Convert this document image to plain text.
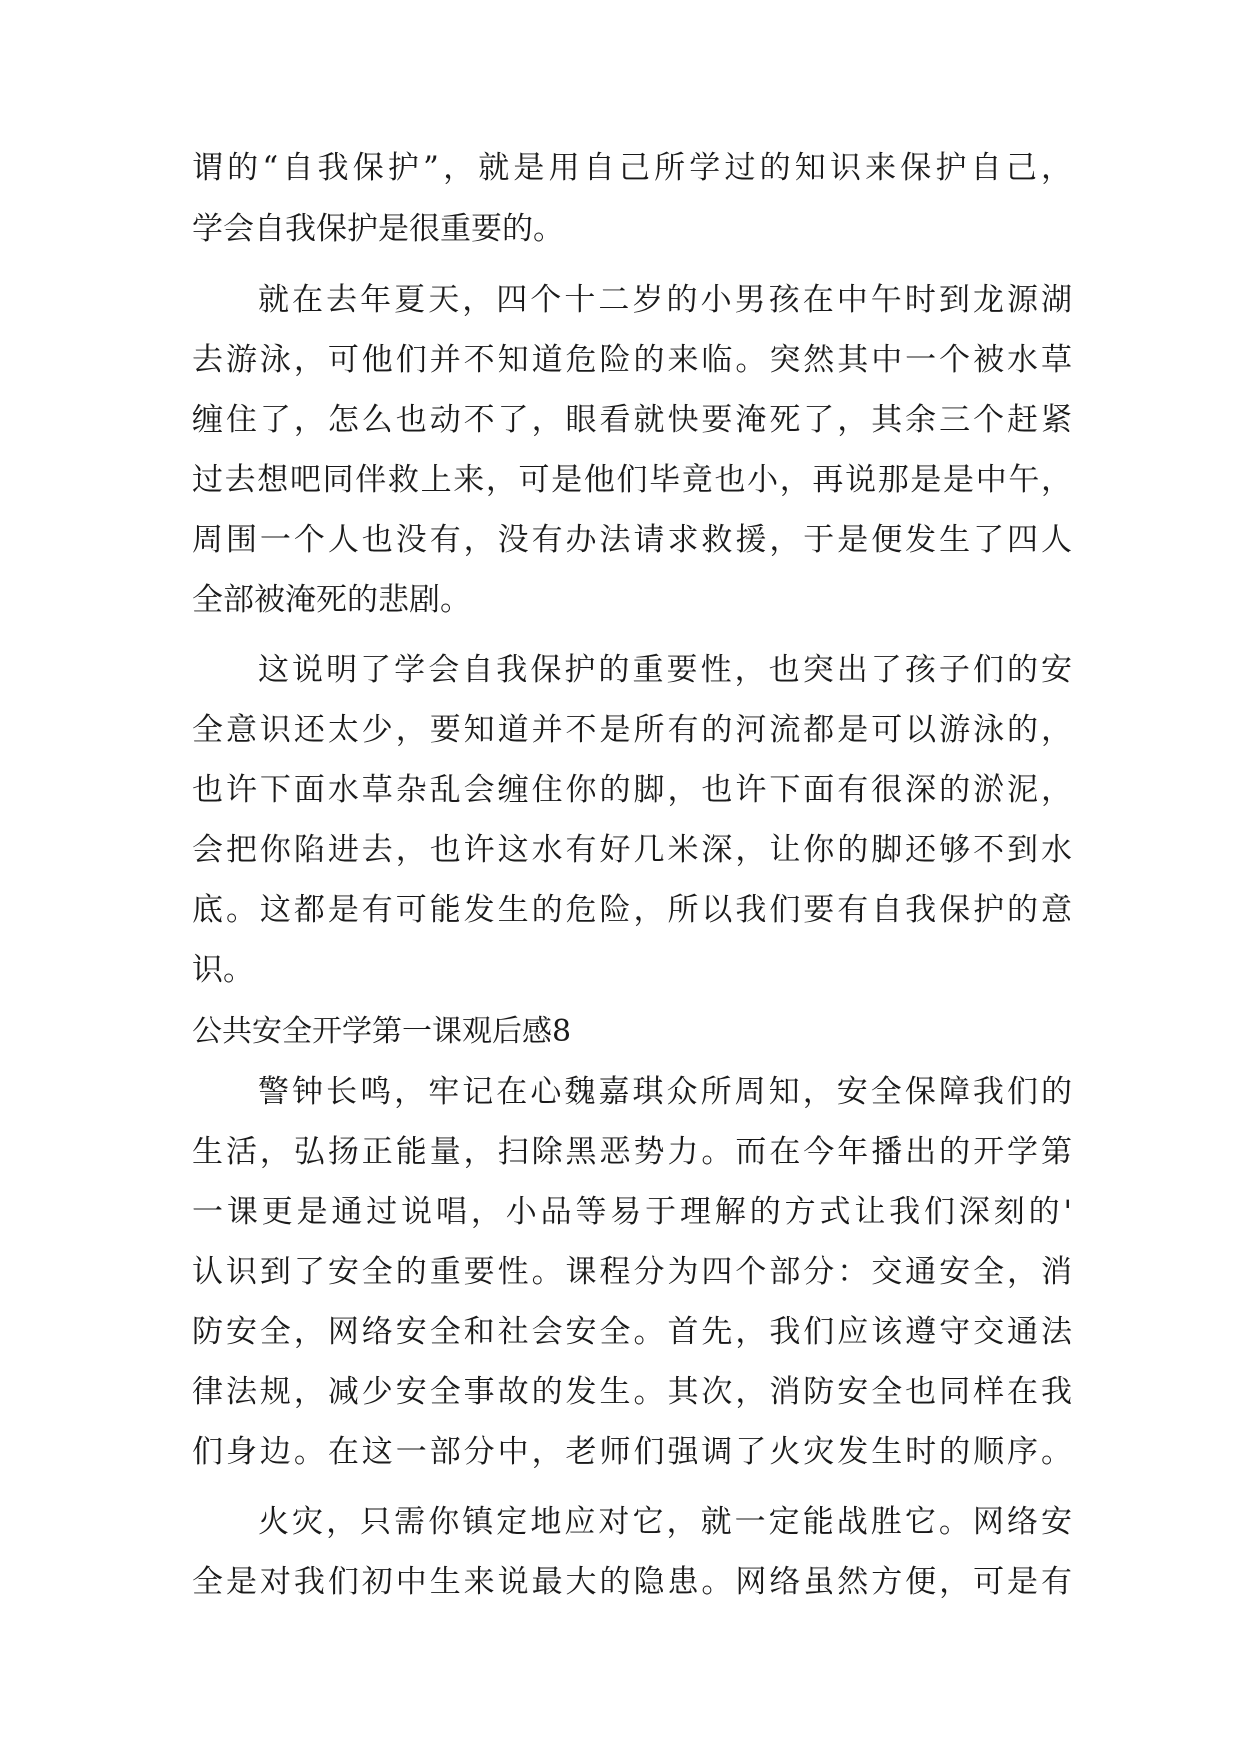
谓的“自我保护”，就是用自己所学过的知识来保护自己，
学会自我保护是很重要的。
就在去年夏天，四个十二岁的小男孩在中午时到龙源湖
去游泳，可他们并不知道危险的来临。突然其中一个被水草
缠住了，怎么也动不了，眼看就快要淹死了，其余三个赶紧
过去想吧同伴救上来，可是他们毕竟也小，再说那是是中午，
周围一个人也没有，没有办法请求救援，于是便发生了四人
全部被淹死的悲剧。
这说明了学会自我保护的重要性，也突出了孩子们的安
全意识还太少，要知道并不是所有的河流都是可以游泳的，
也许下面水草杂乱会缠住你的脚，也许下面有很深的淤泥，
会把你陷进去，也许这水有好几米深，让你的脚还够不到水
底。这都是有可能发生的危险，所以我们要有自我保护的意
识。
公共安全开学第一课观后感8
警钟长鸣，牢记在心魏嘉琪众所周知，安全保障我们的
生活，弘扬正能量，扫除黑恶势力。而在今年播出的开学第
一课更是通过说唱，小品等易于理解的方式让我们深刻的'
认识到了安全的重要性。课程分为四个部分：交通安全，消
防安全，网络安全和社会安全。首先，我们应该遵守交通法
律法规，减少安全事故的发生。其次，消防安全也同样在我
们身边。在这一部分中，老师们强调了火灾发生时的顺序。
火灾，只需你镇定地应对它，就一定能战胜它。网络安
全是对我们初中生来说最大的隐患。网络虽然方便，可是有
